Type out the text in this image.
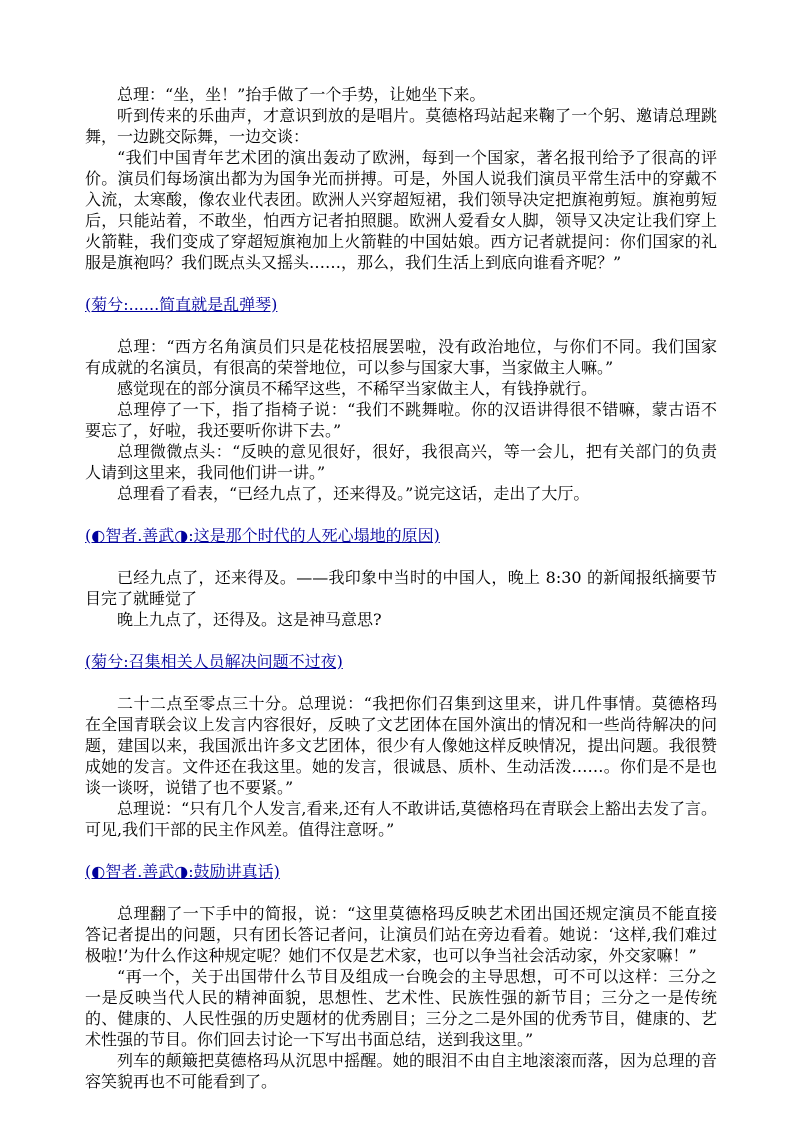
总理：“坐，坐！”抬手做了一个手势，让她坐下来。

听到传来的乐曲声，才意识到放的是唱片。莫德格玛站起来鞠了一个躬、邀请总理跳舞，一边跳交际舞，一边交谈：

“我们中国青年艺术团的演出轰动了欧洲，每到一个国家，著名报刊给予了很高的评价。演员们每场演出都为为国争光而拼搏。可是，外国人说我们演员平常生活中的穿戴不入流，太寒酸，像农业代表团。欧洲人兴穿超短裙，我们领导决定把旗袍剪短。旗袍剪短后，只能站着，不敢坐，怕西方记者拍照腿。欧洲人爱看女人脚，领导又决定让我们穿上火箭鞋，我们变成了穿超短旗袍加上火箭鞋的中国姑娘。西方记者就提问：你们国家的礼服是旗袍吗？我们既点头又摇头……，那么，我们生活上到底向谁看齐呢？”

(菊兮:......简直就是乱弹琴)

总理：“西方名角演员们只是花枝招展罢啦，没有政治地位，与你们不同。我们国家有成就的名演员，有很高的荣誉地位，可以参与国家大事，当家做主人嘛。”

感觉现在的部分演员不稀罕这些，不稀罕当家做主人，有钱挣就行。

总理停了一下，指了指椅子说：“我们不跳舞啦。你的汉语讲得很不错嘛，蒙古语不要忘了，好啦，我还要听你讲下去。”

总理微微点头：“反映的意见很好，很好，我很高兴，等一会儿，把有关部门的负责人请到这里来，我同他们讲一讲。”

总理看了看表，“已经九点了，还来得及。”说完这话，走出了大厅。

(◐智者.善武◑:这是那个时代的人死心塌地的原因)

已经九点了，还来得及。——我印象中当时的中国人，晚上 8:30 的新闻报纸摘要节目完了就睡觉了

晚上九点了，还得及。这是神马意思?

(菊兮:召集相关人员解决问题不过夜)

二十二点至零点三十分。总理说：“我把你们召集到这里来，讲几件事情。莫德格玛在全国青联会议上发言内容很好，反映了文艺团体在国外演出的情况和一些尚待解决的问题，建国以来，我国派出许多文艺团体，很少有人像她这样反映情况，提出问题。我很赞成她的发言。文件还在我这里。她的发言，很诚恳、质朴、生动活泼……。你们是不是也谈一谈呀，说错了也不要紧。”

总理说：“只有几个人发言,看来,还有人不敢讲话,莫德格玛在青联会上豁出去发了言。可见,我们干部的民主作风差。值得注意呀。”

(◐智者.善武◑:鼓励讲真话)

总理翻了一下手中的简报，说：“这里莫德格玛反映艺术团出国还规定演员不能直接答记者提出的问题，只有团长答记者问，让演员们站在旁边看着。她说：‘这样,我们难过极啦!’为什么作这种规定呢？她们不仅是艺术家，也可以争当社会活动家，外交家嘛！”

“再一个，关于出国带什么节目及组成一台晚会的主导思想，可不可以这样：三分之一是反映当代人民的精神面貌，思想性、艺术性、民族性强的新节目；三分之一是传统的、健康的、人民性强的历史题材的优秀剧目；三分之二是外国的优秀节目，健康的、艺术性强的节目。你们回去讨论一下写出书面总结，送到我这里。”

列车的颠簸把莫德格玛从沉思中摇醒。她的眼泪不由自主地滚滚而落，因为总理的音容笑貌再也不可能看到了。
